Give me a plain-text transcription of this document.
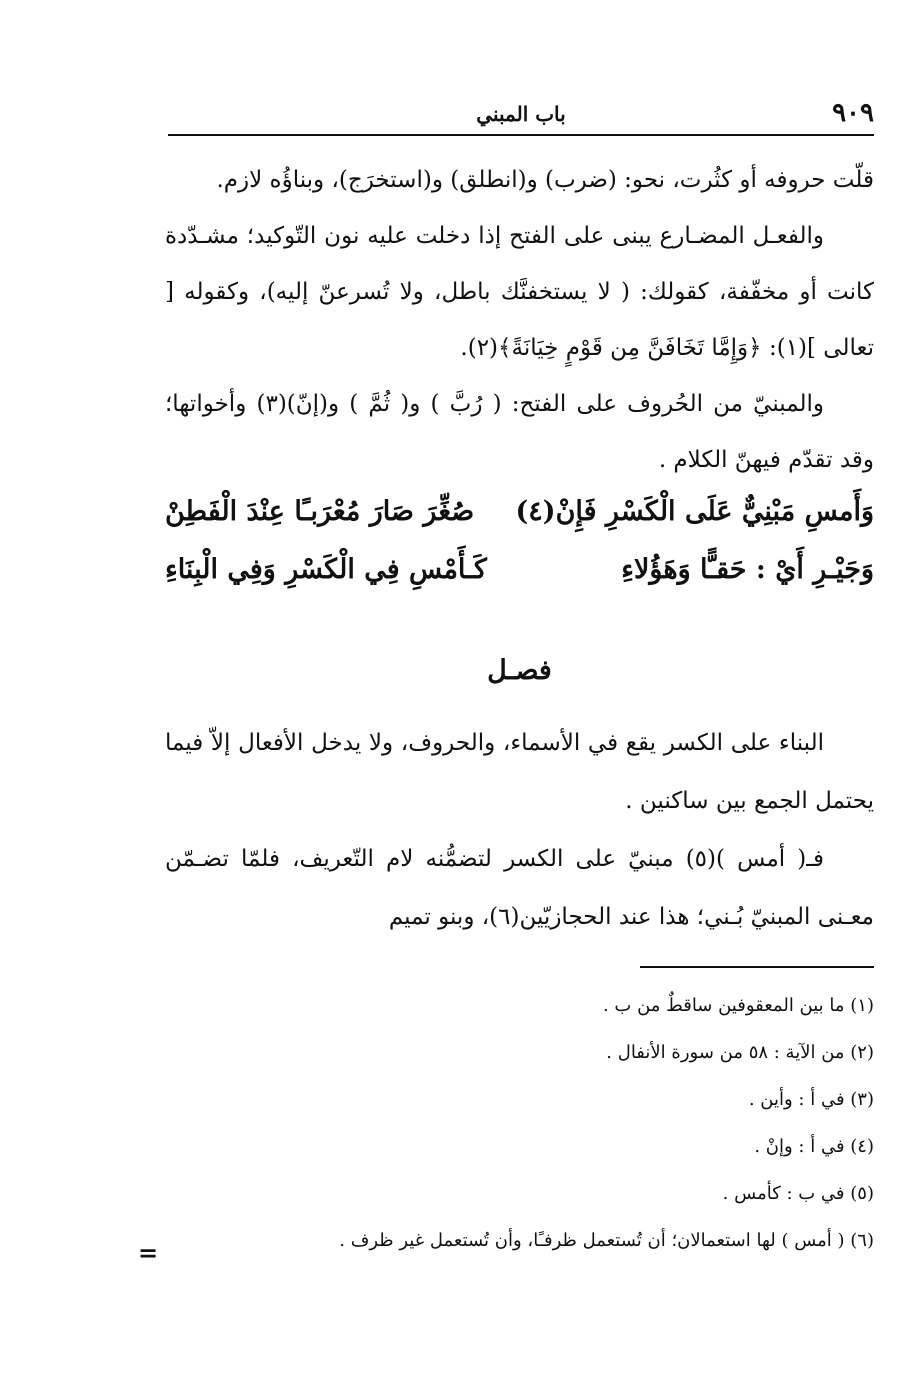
٩٠٩
باب المبني

قلّت حروفه أو كثُرت، نحو: (ضرب) و(انطلق) و(استخرَج)، وبناؤُه لازم.

والفعـل المضـارع يبنى على الفتح إذا دخلت عليه نون التّوكيد؛ مشـدّدة كانت أو مخفّفة، كقولك: ( لا يستخفنَّك باطل، ولا تُسرعنّ إليه)، وكقوله [ تعالى ](١): ﴿وَإِمَّا تَخَافَنَّ مِن قَوْمٍ خِيَانَةً﴾(٢).

والمبنيّ من الحُروف على الفتح: ( رُبَّ ) و( ثُمَّ ) و(إنّ)(٣) وأخواتها؛ وقد تقدّم فيهنّ الكلام .

وَأَمسِ مَبْنِيٌّ عَلَى الْكَسْرِ فَإِنْ(٤)
صُغِّرَ صَارَ مُعْرَبـًا عِنْدَ الْفَطِنْ
وَجَيْـرِ أَيْ : حَقـًّا وَهَؤُلاءِ
كَـأَمْسِ فِي الْكَسْرِ وَفِي الْبِنَاءِ
فصـل

البناء على الكسر يقع في الأسماء، والحروف، ولا يدخل الأفعال إلاّ فيما يحتمل الجمع بين ساكنين .

فـ( أمس )(٥) مبنيّ على الكسر لتضمُّنه لام التّعريف، فلمّا تضـمّن معـنى المبنيّ بُـني؛ هذا عند الحجازيّين(٦)، وبنو تميم

(١) ما بين المعقوفين ساقطٌ من ب .
(٢) من الآية : ٥٨ من سورة الأنفال .
(٣) في أ : وأين .
(٤) في أ : وإنْ .
(٥) في ب : كأمس .
(٦) ( أمس ) لها استعمالان؛ أن تُستعمل ظرفـًا، وأن تُستعمل غير ظرف .
=
